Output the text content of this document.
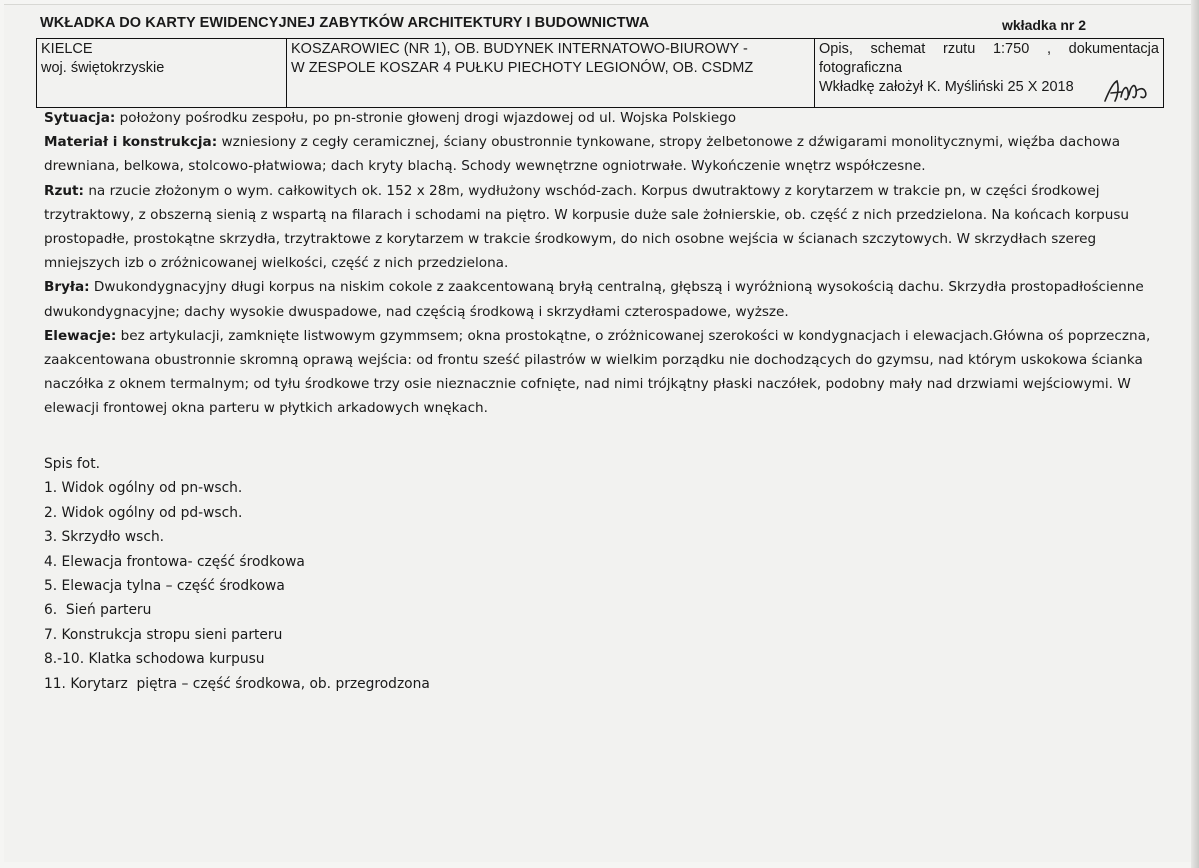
WKŁADKA DO KARTY EWIDENCYJNEJ ZABYTKÓW ARCHITEKTURY I BUDOWNICTWA	wkładka nr 2
KIELCE
woj. świętokrzyskie
KOSZAROWIEC (NR 1), OB. BUDYNEK INTERNATOWO-BIUROWY -
W ZESPOLE KOSZAR 4 PUŁKU PIECHOTY LEGIONÓW, OB. CSDMZ
Opis, schemat rzutu 1:750 , dokumentacja
fotograficzna
Wkładkę założył K. Myśliński 25 X 2018

Sytuacja: położony pośrodku zespołu, po pn-stronie głowenj drogi wjazdowej od ul. Wojska Polskiego

Materiał i konstrukcja: wzniesiony z cegły ceramicznej, ściany obustronnie tynkowane, stropy żelbetonowe z dźwigarami monolitycznymi, więźba dachowa drewniana, belkowa, stolcowo-płatwiowa; dach kryty blachą. Schody wewnętrzne ogniotrwałe. Wykończenie wnętrz współczesne.

Rzut: na rzucie złożonym o wym. całkowitych ok. 152 x 28m, wydłużony wschód-zach. Korpus dwutraktowy z korytarzem w trakcie pn, w części środkowej trzytraktowy, z obszerną sienią z wspartą na filarach i schodami na piętro. W korpusie duże sale żołnierskie, ob. część z nich przedzielona. Na końcach korpusu prostopadłe, prostokątne skrzydła, trzytraktowe z korytarzem w trakcie środkowym, do nich osobne wejścia w ścianach szczytowych. W skrzydłach szereg mniejszych izb o zróżnicowanej wielkości, część z nich przedzielona.

Bryła: Dwukondygnacyjny długi korpus na niskim cokole z zaakcentowaną bryłą centralną, głębszą i wyróżnioną wysokością dachu. Skrzydła prostopadłościenne dwukondygnacyjne; dachy wysokie dwuspadowe, nad częścią środkową i skrzydłami czterospadowe, wyższe.

Elewacje: bez artykulacji, zamknięte listwowym gzymmsem; okna prostokątne, o zróżnicowanej szerokości w kondygnacjach i elewacjach.Główna oś poprzeczna, zaakcentowana obustronnie skromną oprawą wejścia: od frontu sześć pilastrów w wielkim porządku nie dochodzących do gzymsu, nad którym uskokowa ścianka naczółka z oknem termalnym; od tyłu środkowe trzy osie nieznacznie cofnięte, nad nimi trójkątny płaski naczółek, podobny mały nad drzwiami wejściowymi. W elewacji frontowej okna parteru w płytkich arkadowych wnękach.

Spis fot.
1. Widok ogólny od pn-wsch.
2. Widok ogólny od pd-wsch.
3. Skrzydło wsch.
4. Elewacja frontowa- część środkowa
5. Elewacja tylna – część środkowa
6.  Sień parteru
7. Konstrukcja stropu sieni parteru
8.-10. Klatka schodowa kurpusu
11. Korytarz  piętra – część środkowa, ob. przegrodzona
